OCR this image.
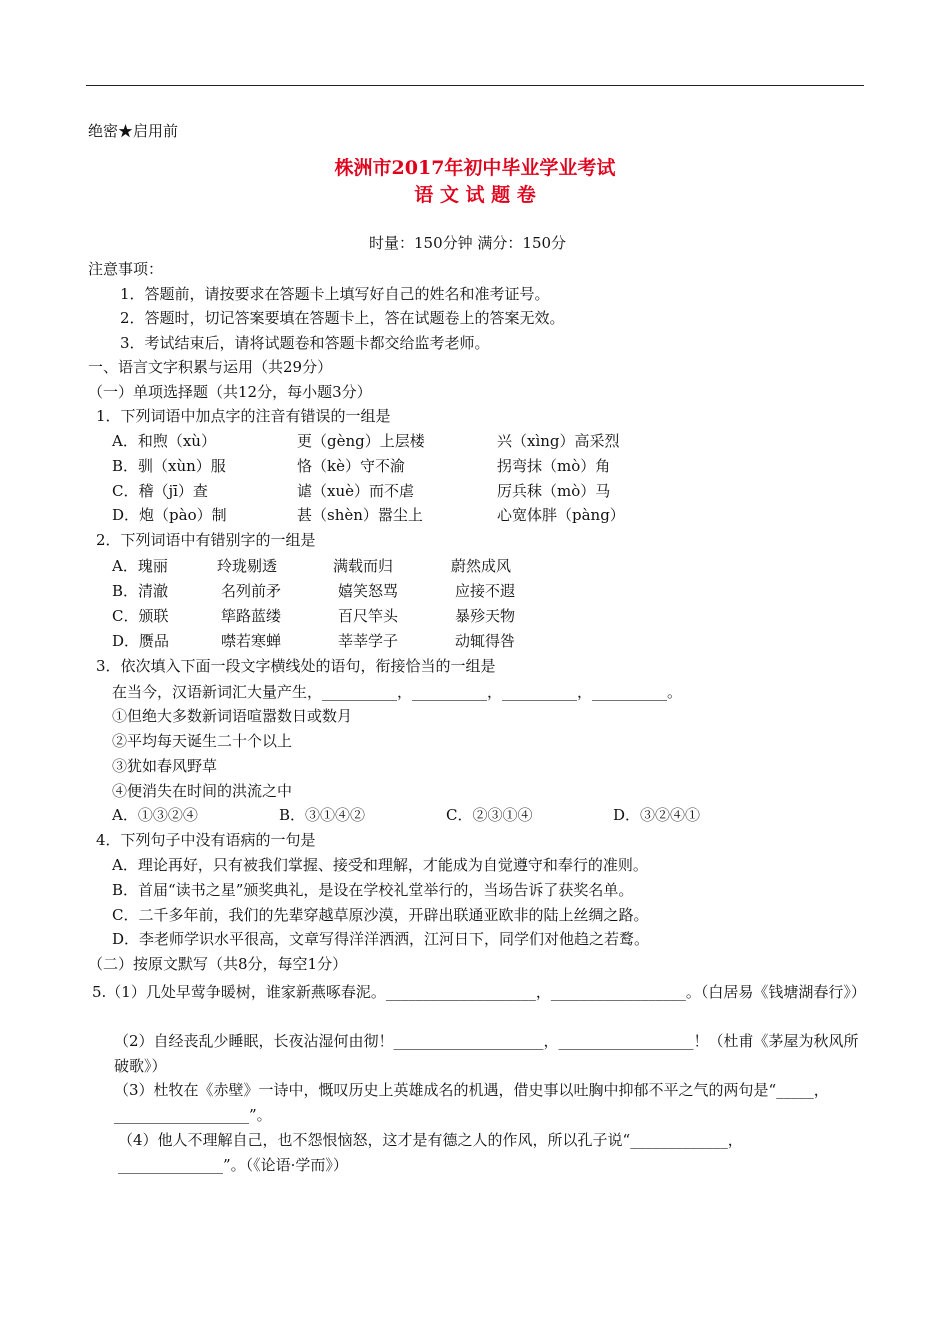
绝密★启用前
株洲市2017年初中毕业学业考试
语 文 试 题 卷
时量：150分钟 满分：150分
注意事项：
1．答题前，请按要求在答题卡上填写好自己的姓名和准考证号。
2．答题时，切记答案要填在答题卡上，答在试题卷上的答案无效。
3．考试结束后，请将试题卷和答题卡都交给监考老师。
一、语言文字积累与运用（共29分）
（一）单项选择题（共12分，每小题3分）
1．下列词语中加点字的注音有错误的一组是
A．和煦（xù）	更（gèng）上层楼	兴（xìng）高采烈
B．驯（xùn）服	恪（kè）守不渝	拐弯抹（mò）角
C．稽（jī）查	谑（xuè）而不虐	厉兵秣（mò）马
D．炮（pào）制	甚（shèn）嚣尘上	心宽体胖（pàng）
2．下列词语中有错别字的一组是
A．瑰丽	玲珑剔透	满载而归	蔚然成风
B．清澈	名列前矛	嬉笑怒骂	应接不遐
C．颁联	筚路蓝缕	百尺竿头	暴殄天物
D．赝品	噤若寒蝉	莘莘学子	动辄得咎
3．依次填入下面一段文字横线处的语句，衔接恰当的一组是
在当今，汉语新词汇大量产生，__________，__________，__________，__________。
①但绝大多数新词语喧嚣数日或数月
②平均每天诞生二十个以上
③犹如春风野草
④便消失在时间的洪流之中
A．①③②④	B．③①④②	C．②③①④	D．③②④①
4．下列句子中没有语病的一句是
A．理论再好，只有被我们掌握、接受和理解，才能成为自觉遵守和奉行的准则。
B．首届“读书之星”颁奖典礼，是设在学校礼堂举行的，当场告诉了获奖名单。
C．二千多年前，我们的先辈穿越草原沙漠，开辟出联通亚欧非的陆上丝绸之路。
D．李老师学识水平很高，文章写得洋洋洒洒，江河日下，同学们对他趋之若鹜。
（二）按原文默写（共8分，每空1分）
5.（1）几处早莺争暖树，谁家新燕啄春泥。____________________，__________________。（白居易《钱塘湖春行》）
（2）自经丧乱少睡眠，长夜沾湿何由彻！____________________，__________________！（杜甫《茅屋为秋风所破歌》）
（3）杜牧在《赤壁》一诗中，慨叹历史上英雄成名的机遇，借史事以吐胸中抑郁不平之气的两句是“_____，__________________”。
（4）他人不理解自己，也不怨恨恼怒，这才是有德之人的作风，所以孔子说“_____________，______________”。（《论语·学而》）
